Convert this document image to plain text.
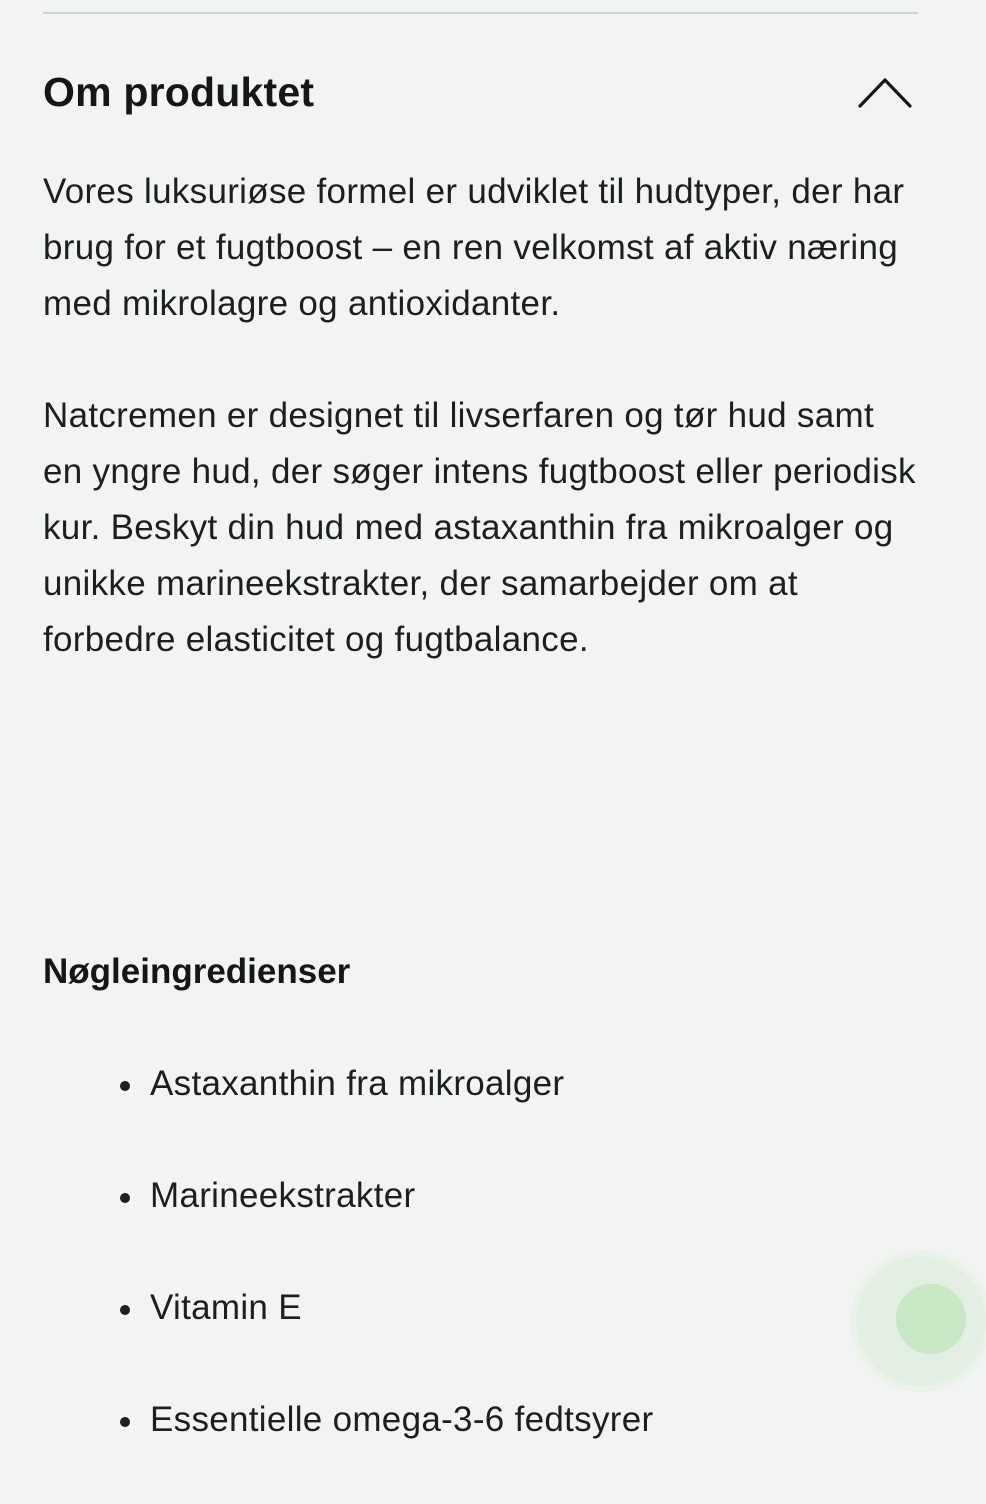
Om produktet

Vores luksuriøse formel er udviklet til hudtyper, der har brug for et fugtboost – en ren velkomst af aktiv næring med mikrolagre og antioxidanter.

Natcremen er designet til livserfaren og tør hud samt en yngre hud, der søger intens fugtboost eller periodisk kur. Beskyt din hud med astaxanthin fra mikroalger og unikke marineekstrakter, der samarbejder om at forbedre elasticitet og fugtbalance.

Nøgleingredienser
Astaxanthin fra mikroalger
Marineekstrakter
Vitamin E
Essentielle omega-3-6 fedtsyrer
